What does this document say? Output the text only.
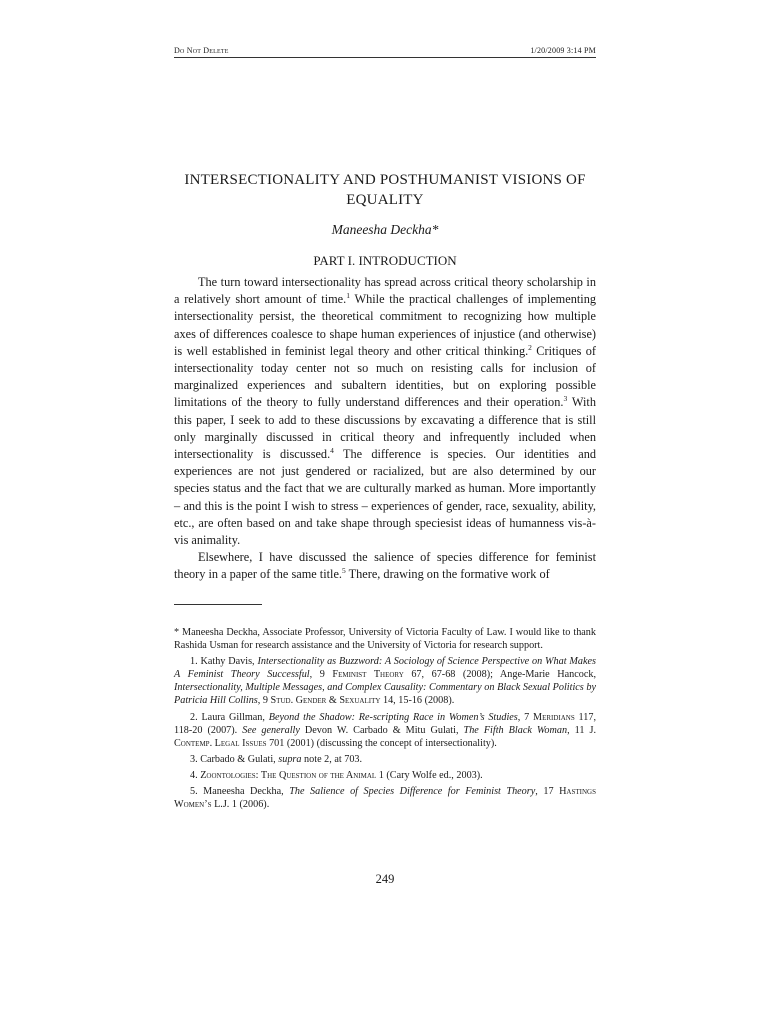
Do Not Delete	1/20/2009 3:14 PM
INTERSECTIONALITY AND POSTHUMANIST VISIONS OF EQUALITY
Maneesha Deckha*
PART I. INTRODUCTION

The turn toward intersectionality has spread across critical theory scholarship in a relatively short amount of time.$^1$ While the practical challenges of implementing intersectionality persist, the theoretical commitment to recognizing how multiple axes of differences coalesce to shape human experiences of injustice (and otherwise) is well established in feminist legal theory and other critical thinking.$^2$ Critiques of intersectionality today center not so much on resisting calls for inclusion of marginalized experiences and subaltern identities, but on exploring possible limitations of the theory to fully understand differences and their operation.$^3$ With this paper, I seek to add to these discussions by excavating a difference that is still only marginally discussed in critical theory and infrequently included when intersectionality is discussed.$^4$ The difference is species. Our identities and experiences are not just gendered or racialized, but are also determined by our species status and the fact that we are culturally marked as human. More importantly – and this is the point I wish to stress – experiences of gender, race, sexuality, ability, etc., are often based on and take shape through speciesist ideas of humanness vis-à-vis animality.

Elsewhere, I have discussed the salience of species difference for feminist theory in a paper of the same title.$^5$ There, drawing on the formative work of

* Maneesha Deckha, Associate Professor, University of Victoria Faculty of Law. I would like to thank Rashida Usman for research assistance and the University of Victoria for research support.

1. Kathy Davis, Intersectionality as Buzzword: A Sociology of Science Perspective on What Makes A Feminist Theory Successful, 9 Feminist Theory 67, 67-68 (2008); Ange-Marie Hancock, Intersectionality, Multiple Messages, and Complex Causality: Commentary on Black Sexual Politics by Patricia Hill Collins, 9 Stud. Gender & Sexuality 14, 15-16 (2008).

2. Laura Gillman, Beyond the Shadow: Re-scripting Race in Women’s Studies, 7 Meridians 117, 118-20 (2007). See generally Devon W. Carbado & Mitu Gulati, The Fifth Black Woman, 11 J. Contemp. Legal Issues 701 (2001) (discussing the concept of intersectionality).

3. Carbado & Gulati, supra note 2, at 703.

4. Zoontologies: The Question of the Animal 1 (Cary Wolfe ed., 2003).

5. Maneesha Deckha, The Salience of Species Difference for Feminist Theory, 17 Hastings Women’s L.J. 1 (2006).

249
